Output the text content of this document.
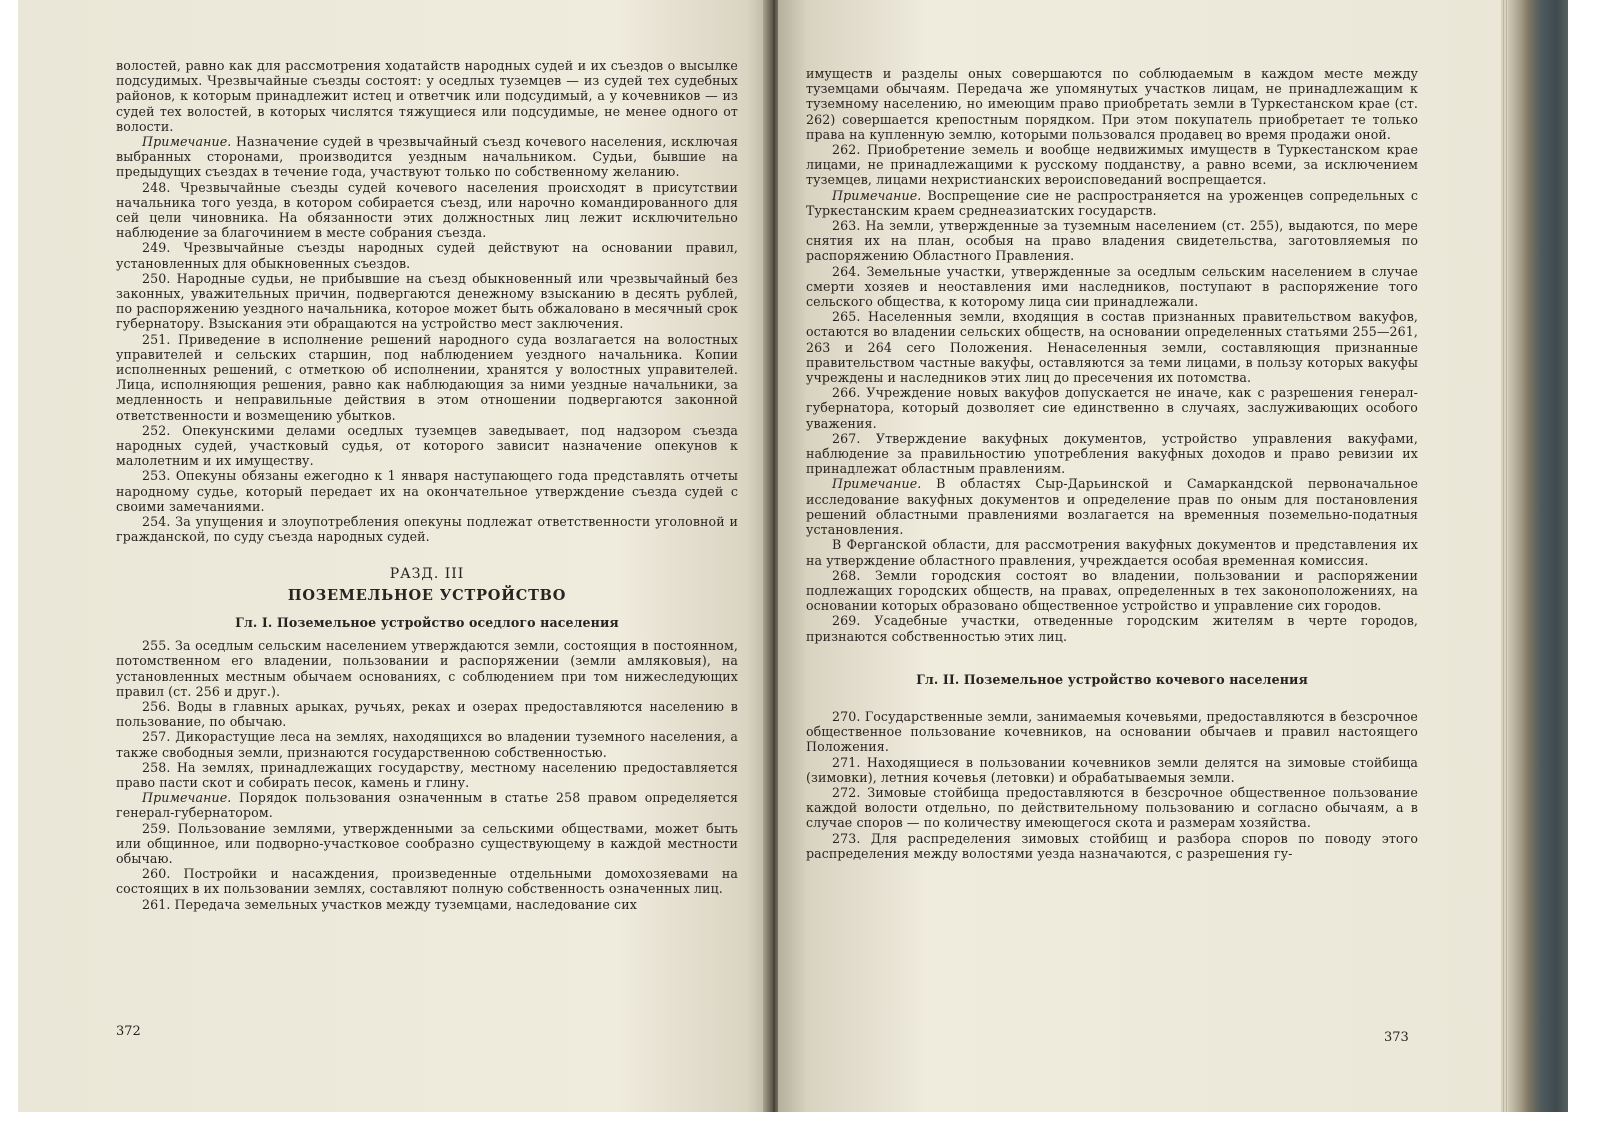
волостей, равно как для рассмотрения ходатайств народных судей и их съездов о высылке подсудимых. Чрезвычайные съезды состоят: у оседлых туземцев — из судей тех судебных районов, к которым принадлежит истец и ответчик или подсудимый, а у кочевников — из судей тех волостей, в которых числятся тяжущиеся или подсудимые, не менее одного от волости.

Примечание. Назначение судей в чрезвычайный съезд кочевого населения, исключая выбранных сторонами, производится уездным начальником. Судьи, бывшие на предыдущих съездах в течение года, участвуют только по собственному желанию.

248. Чрезвычайные съезды судей кочевого населения происходят в присутствии начальника того уезда, в котором собирается съезд, или нарочно командированного для сей цели чиновника. На обязанности этих должностных лиц лежит исключительно наблюдение за благочинием в месте собрания съезда.

249. Чрезвычайные съезды народных судей действуют на основании правил, установленных для обыкновенных съездов.

250. Народные судьи, не прибывшие на съезд обыкновенный или чрезвычайный без законных, уважительных причин, подвергаются денежному взысканию в десять рублей, по распоряжению уездного начальника, которое может быть обжаловано в месячный срок губернатору. Взыскания эти обращаются на устройство мест заключения.

251. Приведение в исполнение решений народного суда возлагается на волостных управителей и сельских старшин, под наблюдением уездного начальника. Копии исполненных решений, с отметкою об исполнении, хранятся у волостных управителей. Лица, исполняющия решения, равно как наблюдающия за ними уездные начальники, за медленность и неправильные действия в этом отношении подвергаются законной ответственности и возмещению убытков.

252. Опекунскими делами оседлых туземцев заведывает, под надзором съезда народных судей, участковый судья, от которого зависит назначение опекунов к малолетним и их имуществу.

253. Опекуны обязаны ежегодно к 1 января наступающего года представлять отчеты народному судье, который передает их на окончательное утверждение съезда судей с своими замечаниями.

254. За упущения и злоупотребления опекуны подлежат ответственности уголовной и гражданской, по суду съезда народных судей.

РАЗД. III
ПОЗЕМЕЛЬНОЕ УСТРОЙСТВО
Гл. I. Поземельное устройство оседлого населения

255. За оседлым сельским населением утверждаются земли, состоящия в постоянном, потомственном его владении, пользовании и распоряжении (земли амляковыя), на установленных местным обычаем основаниях, с соблюдением при том нижеследующих правил (ст. 256 и друг.).

256. Воды в главных арыках, ручьях, реках и озерах предоставляются населению в пользование, по обычаю.

257. Дикорастущие леса на землях, находящихся во владении туземного населения, а также свободныя земли, признаются государственною собственностью.

258. На землях, принадлежащих государству, местному населению предоставляется право пасти скот и собирать песок, камень и глину.

Примечание. Порядок пользования означенным в статье 258 правом определяется генерал-губернатором.

259. Пользование землями, утвержденными за сельскими обществами, может быть или общинное, или подворно-участковое сообразно существующему в каждой местности обычаю.

260. Постройки и насаждения, произведенные отдельными домохозяевами на состоящих в их пользовании землях, составляют полную собственность означенных лиц.

261. Передача земельных участков между туземцами, наследование сих

372

имуществ и разделы оных совершаются по соблюдаемым в каждом месте между туземцами обычаям. Передача же упомянутых участков лицам, не принадлежащим к туземному населению, но имеющим право приобретать земли в Туркестанском крае (ст. 262) совершается крепостным порядком. При этом покупатель приобретает те только права на купленную землю, которыми пользовался продавец во время продажи оной.

262. Приобретение земель и вообще недвижимых имуществ в Туркестанском крае лицами, не принадлежащими к русскому подданству, а равно всеми, за исключением туземцев, лицами нехристианских вероисповеданий воспрещается.

Примечание. Воспрещение сие не распространяется на уроженцев сопредельных с Туркестанским краем среднеазиатских государств.

263. На земли, утвержденные за туземным населением (ст. 255), выдаются, по мере снятия их на план, особыя на право владения свидетельства, заготовляемыя по распоряжению Областного Правления.

264. Земельные участки, утвержденные за оседлым сельским населением в случае смерти хозяев и неоставления ими наследников, поступают в распоряжение того сельского общества, к которому лица сии принадлежали.

265. Населенныя земли, входящия в состав признанных правительством вакуфов, остаются во владении сельских обществ, на основании определенных статьями 255—261, 263 и 264 сего Положения. Ненаселенныя земли, составляющия признанные правительством частные вакуфы, оставляются за теми лицами, в пользу которых вакуфы учреждены и наследников этих лиц до пресечения их потомства.

266. Учреждение новых вакуфов допускается не иначе, как с разрешения генерал-губернатора, который дозволяет сие единственно в случаях, заслуживающих особого уважения.

267. Утверждение вакуфных документов, устройство управления вакуфами, наблюдение за правильностию употребления вакуфных доходов и право ревизии их принадлежат областным правлениям.

Примечание. В областях Сыр-Дарьинской и Самаркандской первоначальное исследование вакуфных документов и определение прав по оным для постановления решений областными правлениями возлагается на временныя поземельно-податныя установления.

В Ферганской области, для рассмотрения вакуфных документов и представления их на утверждение областного правления, учреждается особая временная комиссия.

268. Земли городския состоят во владении, пользовании и распоряжении подлежащих городских обществ, на правах, определенных в тех законоположениях, на основании которых образовано общественное устройство и управление сих городов.

269. Усадебные участки, отведенные городским жителям в черте городов, признаются собственностью этих лиц.

Гл. II. Поземельное устройство кочевого населения

270. Государственные земли, занимаемыя кочевьями, предоставляются в безсрочное общественное пользование кочевников, на основании обычаев и правил настоящего Положения.

271. Находящиеся в пользовании кочевников земли делятся на зимовые стойбища (зимовки), летния кочевья (летовки) и обрабатываемыя земли.

272. Зимовые стойбища предоставляются в безсрочное общественное пользование каждой волости отдельно, по действительному пользованию и согласно обычаям, а в случае споров — по количеству имеющегося скота и размерам хозяйства.

273. Для распределения зимовых стойбищ и разбора споров по поводу этого распределения между волостями уезда назначаются, с разрешения гу-

373
